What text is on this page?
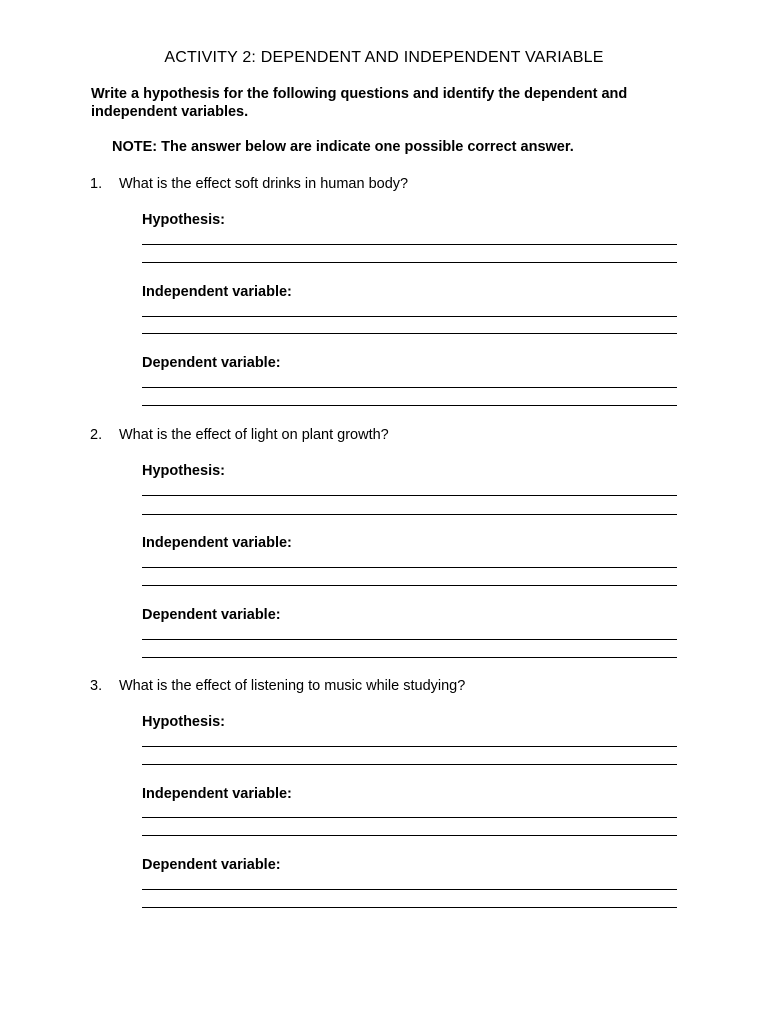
ACTIVITY 2: DEPENDENT AND INDEPENDENT VARIABLE

Write a hypothesis for the following questions and identify the dependent and independent variables.

NOTE: The answer below are indicate one possible correct answer.

1. What is the effect soft drinks in human body?
Hypothesis:
Independent variable:
Dependent variable:
2. What is the effect of light on plant growth?
Hypothesis:
Independent variable:
Dependent variable:
3. What is the effect of listening to music while studying?
Hypothesis:
Independent variable:
Dependent variable:
